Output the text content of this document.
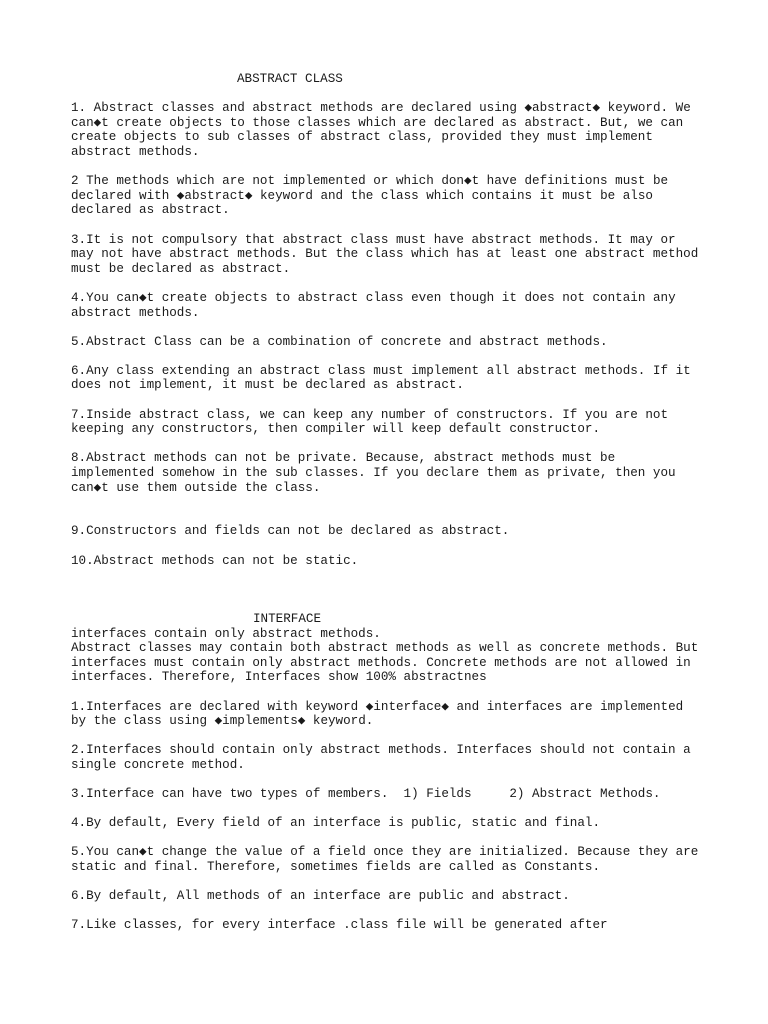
ABSTRACT CLASS
1. Abstract classes and abstract methods are declared using ◆abstract◆ keyword. We
can◆t create objects to those classes which are declared as abstract. But, we can
create objects to sub classes of abstract class, provided they must implement
abstract methods.
2 The methods which are not implemented or which don◆t have definitions must be
declared with ◆abstract◆ keyword and the class which contains it must be also
declared as abstract.
3.It is not compulsory that abstract class must have abstract methods. It may or
may not have abstract methods. But the class which has at least one abstract method
must be declared as abstract.
4.You can◆t create objects to abstract class even though it does not contain any
abstract methods.
5.Abstract Class can be a combination of concrete and abstract methods.
6.Any class extending an abstract class must implement all abstract methods. If it
does not implement, it must be declared as abstract.
7.Inside abstract class, we can keep any number of constructors. If you are not
keeping any constructors, then compiler will keep default constructor.
8.Abstract methods can not be private. Because, abstract methods must be
implemented somehow in the sub classes. If you declare them as private, then you
can◆t use them outside the class.
9.Constructors and fields can not be declared as abstract.
10.Abstract methods can not be static.
INTERFACE
interfaces contain only abstract methods.
Abstract classes may contain both abstract methods as well as concrete methods. But
interfaces must contain only abstract methods. Concrete methods are not allowed in
interfaces. Therefore, Interfaces show 100% abstractnes
1.Interfaces are declared with keyword ◆interface◆ and interfaces are implemented
by the class using ◆implements◆ keyword.
2.Interfaces should contain only abstract methods. Interfaces should not contain a
single concrete method.
3.Interface can have two types of members.  1) Fields     2) Abstract Methods.
4.By default, Every field of an interface is public, static and final.
5.You can◆t change the value of a field once they are initialized. Because they are
static and final. Therefore, sometimes fields are called as Constants.
6.By default, All methods of an interface are public and abstract.
7.Like classes, for every interface .class file will be generated after
